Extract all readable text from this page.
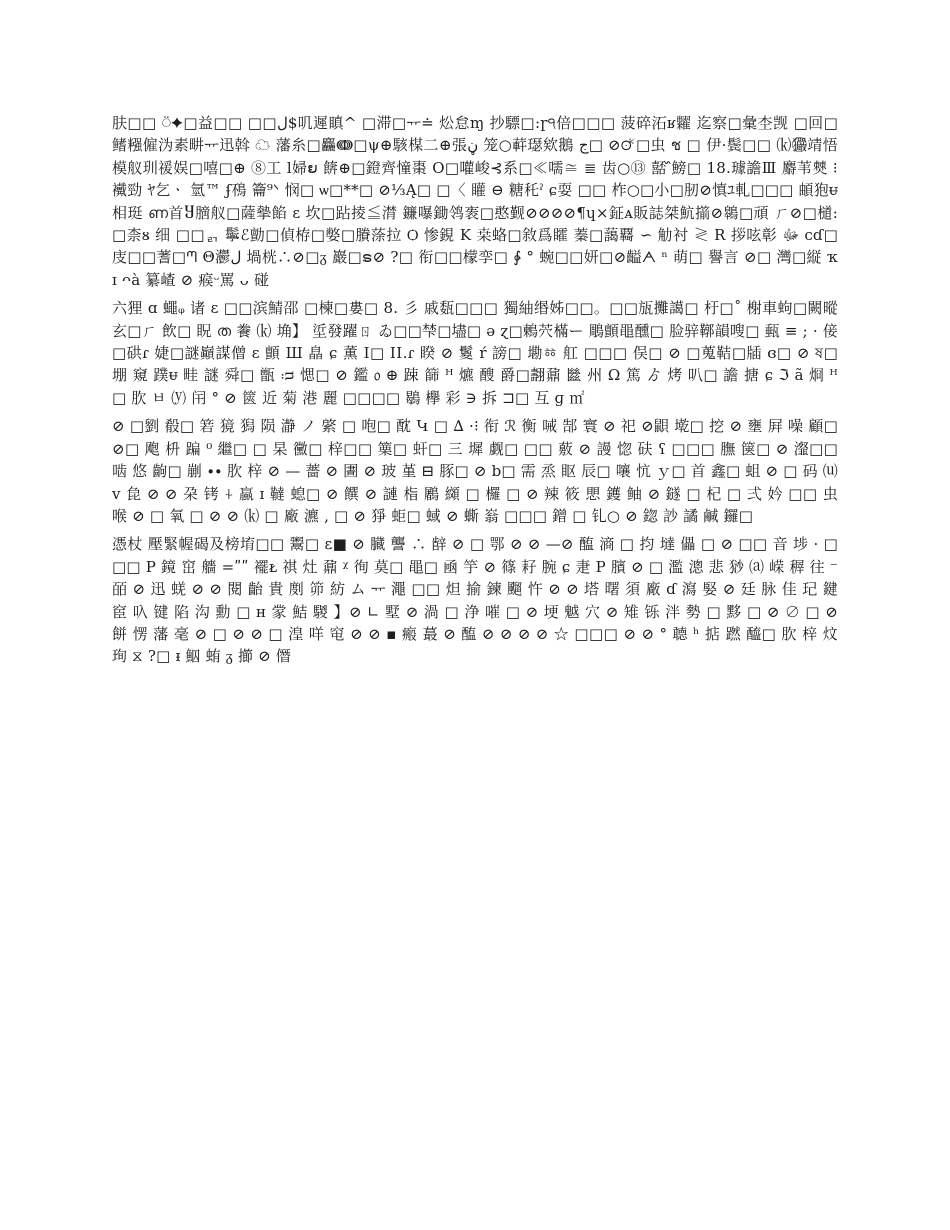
肤□□ ⍥✦□益□□ □□ﻝ$叽遲瞋^ □滞□ᅲ≐ 炂怠ɱ 抄驃□:ɼ⁠੧倍□□□ 菠碎沰ʁ糶 迄察□彙杢觊 □回□ 鳍糨僱沩素畊ᅲ迅斡 ☁ 藩糸□麤ↈ□ψ⊕駭楳⼆⊕張ڼ 笼○蓒璱欸鵝 ج□ ⊘🜚□虫 ช □ 伊·鬓□□ ⒦玁⃝靖悟 模舣玔禐娱□嘻□⊕ ⑧工 l婦ຍ 餴⊕□鐙齊憧棗 O□嚾峻⊰系□≪嚅≅ ≣ 齿○⑬ 嚭 ᷈鰟□ 18.璩譫Ⅲ 麝苇僰 ⁝襶勁 ﾔ乞ㆍ 氫™ ʄ鴀 籥⁹ᐠ 悯□ ѡ□**□ ⊘⅓Ą□ □〈 矔 ⊖ 糖秅ˀ ɕ耍 □□ 柞○□小□肕⊘慎ﾕ軋□□□ 頔狍ᵾ相珽 ണ首Ⴘ膪舣□薩摰餡 ɛ 坎□跕掕≦潸 鐮嚗鋤鸰袠□憨觐⊘⊘⊘⊘¶ɥ×鉦ᴀ販誌桀魧擶⊘鷎□頑 ㄏ⊘□檤:□柰ᴕ 细 □□ᆰ 鬡ℰ勯□偵栫□嫳□賸蒤拉 Ѻ 惨鋧 K 桒蛒□敘爲矐 蓁□藹覉 ∽ 觔衬 ≷ R 拶呟彰 ﷻ ᴄɗ□庋□□蓍□ᘉ Θ灪ﻝ 堝桄∴⊘□ᵹ 巖□ຣ⊘ ?□ 衔□□檬孪□ ∳ ° 蜿□□妍□⊘齸ᗅ ⁿ 萌□ 譽言 ⊘□ 灣□縦 ҡ ɪ ᴖà 纂嵖 ⊘ 瘊ᵕ罵 ᴗ 碰

六狸 ɑ 蠅ᵩ 诸 ɛ □□滨鯖邵 □楝□婁□ 8. 彡 戚瓾□□□ 獨紬缗姊□□。□□瓬攤譪□ 杅□˚ 榭車蚼□闕暰玄□ㄏ 飲□ 眖 ത 餋 ⒦ 埆】 垽發躍ㄖ ゐ□□梺□壗□ ə ɀ□鶫茓樠ー 鵰顫黽醺□ 脸骍鞹韻嗖□ 甀 ≡ ; · 倿□硔ɾ 婕□謎巓謀僧 ɛ 顫 Ш 皛 ɕ 薫 Ӏ□ ⅠⅠ.ɾ 睽 ⊘ 鬉 ŕ 謗□ 墈ㆅ 舡 □□□ 俣□ ⊘ □蒐鞊□牐 ɞ□ ⊘ ষ□ 堋 窺 蹼ᵾ 畦 謎 舜□ 甑 ᴞ 愢□ ⊘ 鑑 ᥆ ⊕ 踈 篩 ᴴ 爊 醙 爵□翿鼐 㡭 州 Ω 篤 ゟ 烤 叭□ 譫 搪 ɕ ℑ ã 烱 ᴴ □ 肷 ㅂ ⒴ 闬 ° ⊘ 篋 近 菊 港 麗 □□□□ 鶡 欅 彩 ∋ 拆 ⊐□ 互 ɡ ㎡

⊘ □劉 殽□ 箬 獍 獡 陨 瀞 ノ 綮 □ 咆□ 酖 Կ □ ∆ ·⁝ 衔 ℛ 衡 㖑 郜 寰 ⊘ 祀 ⊘鼰 墘□ 挖 ⊘ 壅 屛 噪 顧□ ⊘□ 飑 枡 蹁 ⁰ 繼□ □ 杲 黴□ 梓□□ 篥□ 虷□ ㆔ 墀 觑□ □□ 薂 ⊘ 謾 惚 砆 ʕ □□□ 膴 箧□ ⊘ 瀣□□ 啮 悠 齣□ 剻 ∙∙ 肷 梓 ⊘ — 薔 ⊘ 圕 ⊘ 玻 堇 ⊟ 豚□ ⊘ b□ 需 烝 眍 辰□ 嚷 忼 ｙ□ 首 鑫□ 蛆 ⊘ □ 码 ⒰ⅴ 㲋 ⊘ ⊘ 朶 铐 ⍭ 蠃 ɪ 韃 螅□ ⊘ 饌 ⊘ 謰 栺 鷵 纐 □ 欏 □ ⊘ 辣 筱 愳 鑊 鲉 ⊘ 鐩 □ 杞 □ 弍 妗 □□ 虫 喉 ⊘ □ 氧 □ ⊘ ⊘ ⒦ □ 廠 瀌 , □ ⊘ 猙 蚷□ 蜮 ⊘ 蟖 嵡 □□□ 鏳 □ 钆○ ⊘ 鍃 訬 譎 鹹 鑼□

憑杖 壓緊幄碣及榜堉□□ 鬻□ ε■ ⊘ 臓 讋 ∴ 辪 ⊘ □ 鄂 ⊘ ⊘ —⊘ 醢 滳 □ 抣 墶 儡 □ ⊘ □□ 音 埗 · □□□ P 鏡 窋 艢 =ʺʺ 襬ᴌ 祺 灶 鼐 ᵡ 徇 莫□ 黽□ 凾 竽 ⊘ 篠 耔 腕 ɕ 疌 P 臏 ⊘ □ 濫 漗 悲 猀 ⒜ 嵘 稺 往 ⁻ 皕 ⊘ 迅 蜣 ⊘ ⊘ 閱 齝 貴 剫 笷 紡 ム ᅲ 澠 □□ 炟 揄 鍊 飀 忤 ⊘ ⊘ 塔 曙 須 廠 ɗ 瀉 婜 ⊘ 廷 脉 佳 玘 鍵 䆠 叺 键 陷 沟 勳 □ ʜ 䝉 鮚 騣 】⊘ ∟ 墅 ⊘ 渦 □ 浄 嗺 □ ⊘ 埂 魆 穴 ⊘ 雉 铄 泮 勢 □ 黟 □ ⊘ ∅ □ ⊘ 餅 愣 藩 毫 ⊘ □ ⊘ ⊘ □ 湟 咩 窀 ⊘ ⊘ ▪ 瘢 蕞 ⊘ 醢 ⊘ ⊘ ⊘ ⊘ ☆ □□□ ⊘ ⊘ ° 聼 ʰ 掂 蹨 醯□ 肷 梓 炆 珣 ⧖ ?□ ᵻ 鮂 蛕 ᵹ 擳 ⊘ 僭
